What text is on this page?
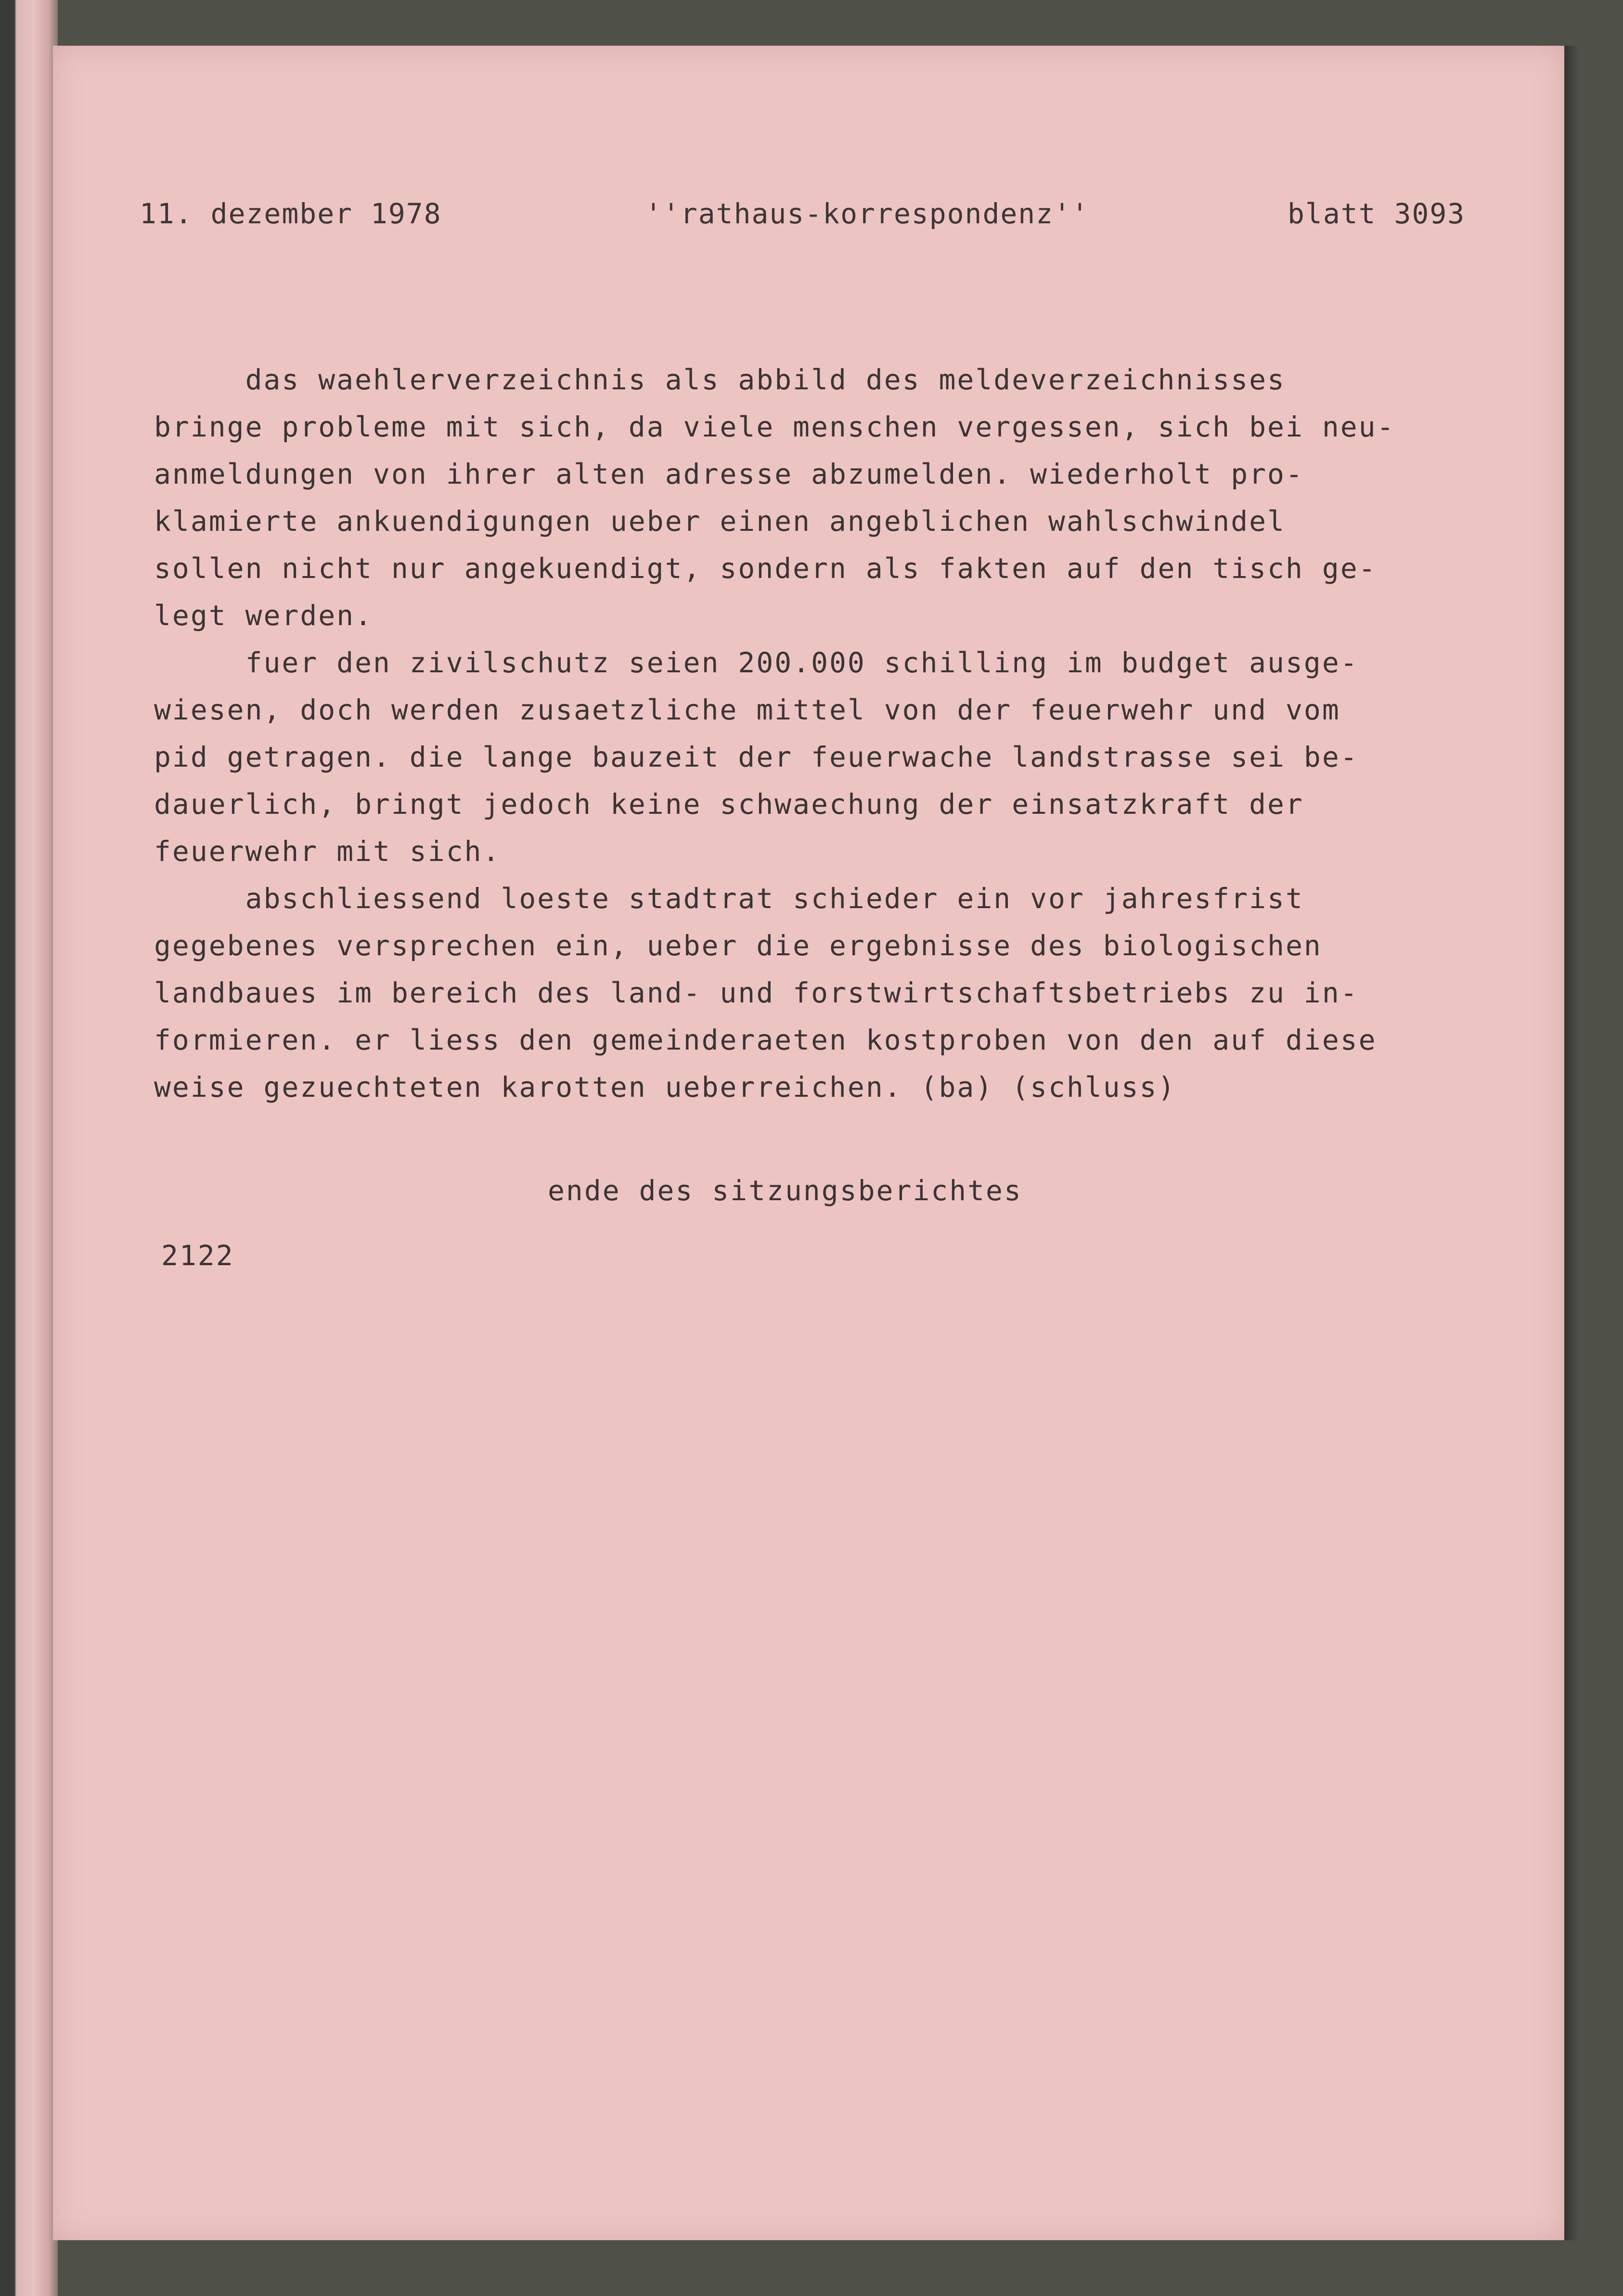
11. dezember 1978	''rathaus-korrespondenz''	blatt 3093
das waehlerverzeichnis als abbild des meldeverzeichnisses
bringe probleme mit sich, da viele menschen vergessen, sich bei neu-
anmeldungen von ihrer alten adresse abzumelden. wiederholt pro-
klamierte ankuendigungen ueber einen angeblichen wahlschwindel
sollen nicht nur angekuendigt, sondern als fakten auf den tisch ge-
legt werden.
fuer den zivilschutz seien 200.000 schilling im budget ausge-
wiesen, doch werden zusaetzliche mittel von der feuerwehr und vom
pid getragen. die lange bauzeit der feuerwache landstrasse sei be-
dauerlich, bringt jedoch keine schwaechung der einsatzkraft der
feuerwehr mit sich.
abschliessend loeste stadtrat schieder ein vor jahresfrist
gegebenes versprechen ein, ueber die ergebnisse des biologischen
landbaues im bereich des land- und forstwirtschaftsbetriebs zu in-
formieren. er liess den gemeinderaeten kostproben von den auf diese
weise gezuechteten karotten ueberreichen. (ba) (schluss)
ende des sitzungsberichtes
2122
